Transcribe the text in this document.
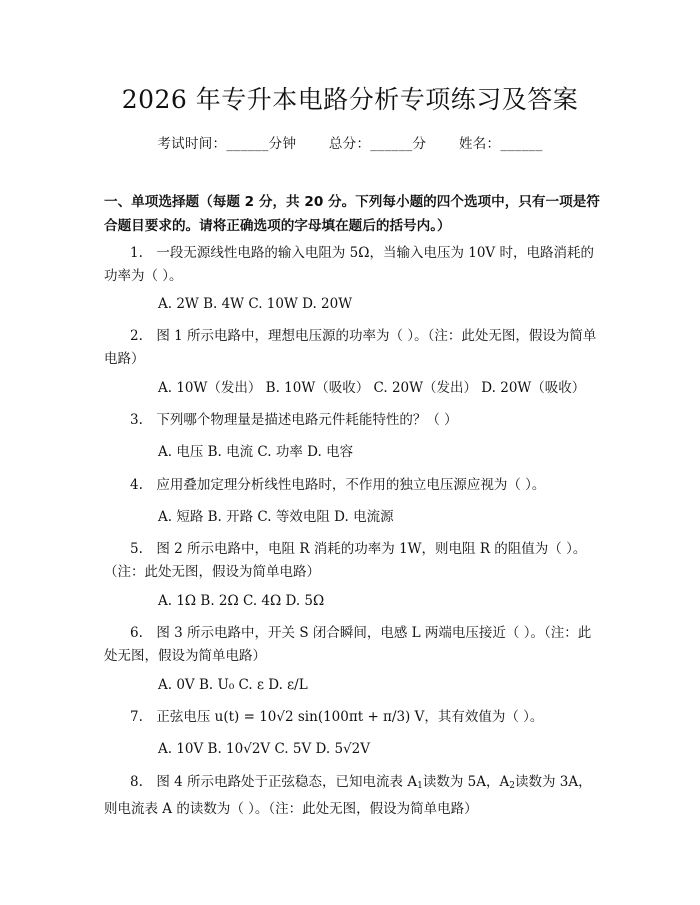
2026 年专升本电路分析专项练习及答案
考试时间：______分钟 总分：______分 姓名：______
一、单项选择题（每题 2 分，共 20 分。下列每小题的四个选项中，只有一项是符合题目要求的。请将正确选项的字母填在题后的括号内。）
1.　一段无源线性电路的输入电阻为 5Ω，当输入电压为 10V 时，电路消耗的功率为（ ）。
A. 2W B. 4W C. 10W D. 20W
2.　图 1 所示电路中，理想电压源的功率为（ ）。（注：此处无图，假设为简单电路）
A. 10W（发出） B. 10W（吸收） C. 20W（发出） D. 20W（吸收）
3.　下列哪个物理量是描述电路元件耗能特性的？（ ）
A. 电压 B. 电流 C. 功率 D. 电容
4.　应用叠加定理分析线性电路时，不作用的独立电压源应视为（ ）。
A. 短路 B. 开路 C. 等效电阻 D. 电流源
5.　图 2 所示电路中，电阻 R 消耗的功率为 1W，则电阻 R 的阻值为（ ）。（注：此处无图，假设为简单电路）
A. 1Ω B. 2Ω C. 4Ω D. 5Ω
6.　图 3 所示电路中，开关 S 闭合瞬间，电感 L 两端电压接近（ ）。（注：此处无图，假设为简单电路）
A. 0V B. U₀ C. ε D. ε/L
7.　正弦电压 u(t) = 10√2 sin(100πt + π/3) V，其有效值为（ ）。
A. 10V B. 10√2V C. 5V D. 5√2V
8.　图 4 所示电路处于正弦稳态，已知电流表 $A_1$读数为 5A，$A_2$读数为 3A，则电流表 A 的读数为（ ）。（注：此处无图，假设为简单电路）
